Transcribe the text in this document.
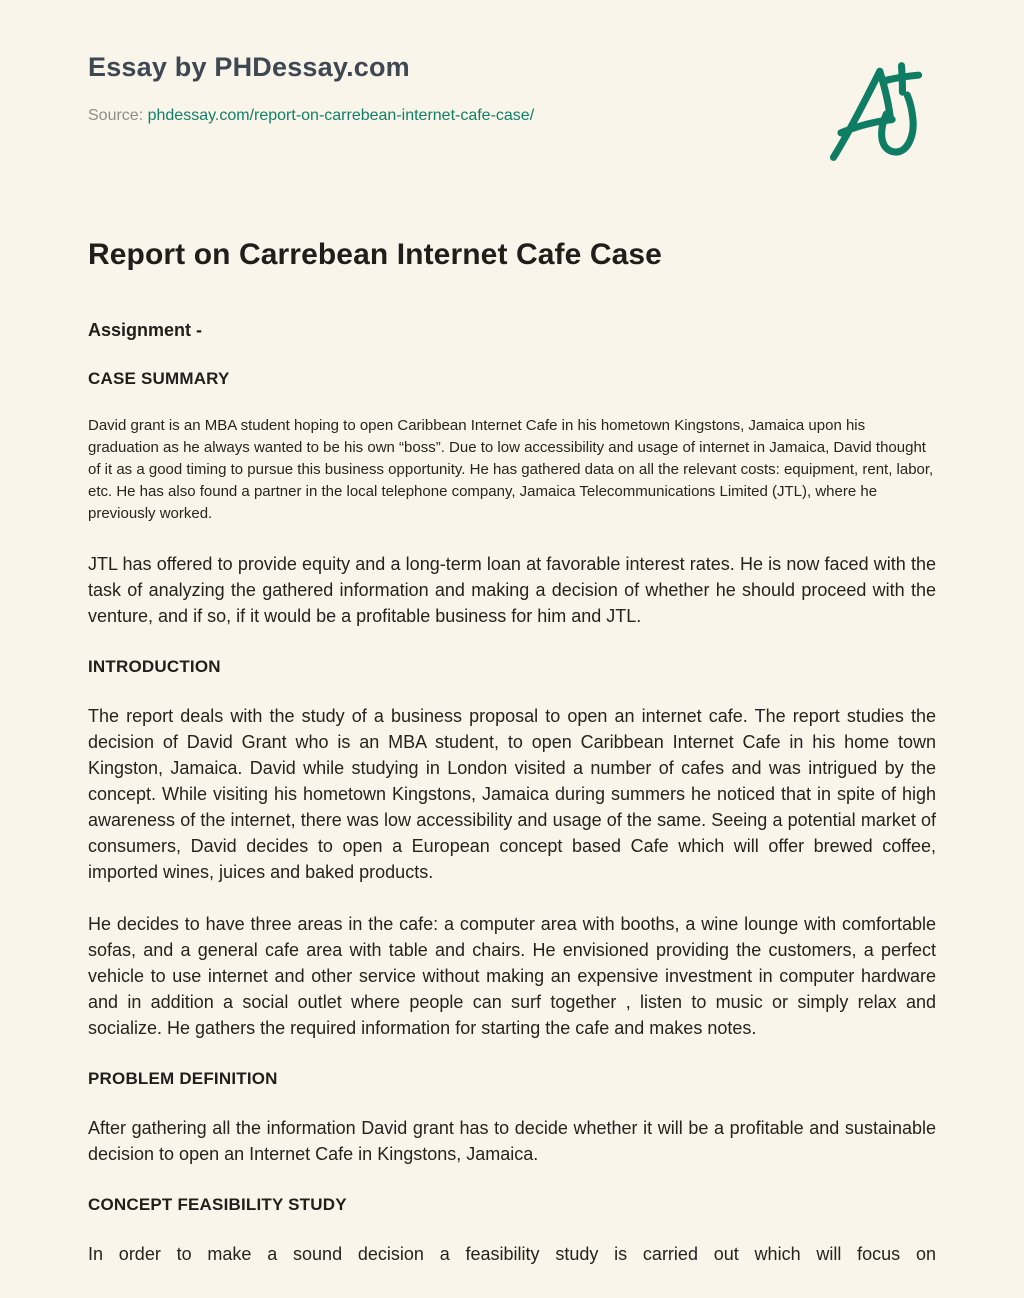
Essay by PHDessay.com
Source: phdessay.com/report-on-carrebean-internet-cafe-case/
Report on Carrebean Internet Cafe Case
Assignment -
CASE SUMMARY

David grant is an MBA student hoping to open Caribbean Internet Cafe in his hometown Kingstons, Jamaica upon his graduation as he always wanted to be his own “boss”. Due to low accessibility and usage of internet in Jamaica, David thought of it as a good timing to pursue this business opportunity. He has gathered data on all the relevant costs: equipment, rent, labor, etc. He has also found a partner in the local telephone company, Jamaica Telecommunications Limited (JTL), where he previously worked.

JTL has offered to provide equity and a long-term loan at favorable interest rates. He is now faced with the task of analyzing the gathered information and making a decision of whether he should proceed with the venture, and if so, if it would be a profitable business for him and JTL.

INTRODUCTION

The report deals with the study of a business proposal to open an internet cafe. The report studies the decision of David Grant who is an MBA student, to open Caribbean Internet Cafe in his home town Kingston, Jamaica. David while studying in London visited a number of cafes and was intrigued by the concept. While visiting his hometown Kingstons, Jamaica during summers he noticed that in spite of high awareness of the internet, there was low accessibility and usage of the same. Seeing a potential market of consumers, David decides to open a European concept based Cafe which will offer brewed coffee, imported wines, juices and baked products.

He decides to have three areas in the cafe: a computer area with booths, a wine lounge with comfortable sofas, and a general cafe area with table and chairs. He envisioned providing the customers, a perfect vehicle to use internet and other service without making an expensive investment in computer hardware and in addition a social outlet where people can surf together , listen to music or simply relax and socialize. He gathers the required information for starting the cafe and makes notes.

PROBLEM DEFINITION

After gathering all the information David grant has to decide whether it will be a profitable and sustainable decision to open an Internet Cafe in Kingstons, Jamaica.

CONCEPT FEASIBILITY STUDY

In order to make a sound decision a feasibility study is carried out which will focus on
